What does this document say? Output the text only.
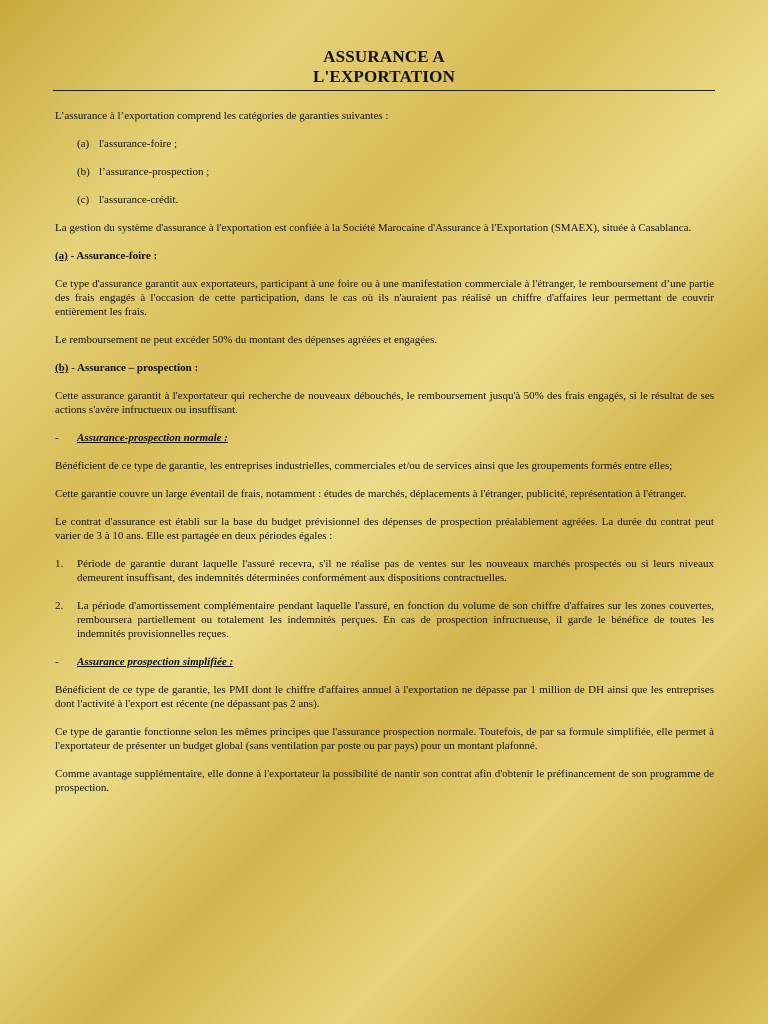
ASSURANCE A
L'EXPORTATION

L’assurance à l’exportation comprend les catégories de garanties suivantes :

(a) l'assurance-foire ;
(b) l’assurance-prospection ;
(c) l'assurance-crédit.

La gestion du système d'assurance à l'exportation est confiée à la Société Marocaine d'Assurance à l'Exportation (SMAEX), située à Casablanca.

(a) - Assurance-foire :

Ce type d'assurance garantit aux exportateurs, participant à une foire ou à une manifestation commerciale à l'étranger, le remboursement d’une partie des frais engagés à l'occasion de cette participation, dans le cas où ils n'auraient pas réalisé un chiffre d'affaires leur permettant de couvrir entièrement les frais.

Le remboursement ne peut excéder 50% du montant des dépenses agréées et engagées.

(b) - Assurance – prospection :

Cette assurance garantit à l'exportateur qui recherche de nouveaux débouchés, le remboursement jusqu'à 50% des frais engagés, si le résultat de ses actions s'avère infructueux ou insuffisant.

-	Assurance-prospection normale :

Bénéficient de ce type de garantie, les entreprises industrielles, commerciales et/ou de services ainsi que les groupements formés entre elles;

Cette garantie couvre un large éventail de frais, notamment : études de marchés, déplacements à l'étranger, publicité, représentation à l'étranger.

Le contrat d'assurance est établi sur la base du budget prévisionnel des dépenses de prospection préalablement agréées. La durée du contrat peut varier de 3 à 10 ans. Elle est partagée en deux périodes égales :

1.	Période de garantie durant laquelle l'assuré recevra, s'il ne réalise pas de ventes sur les nouveaux marchés prospectés ou si leurs niveaux demeurent insuffisant, des indemnités déterminées conformément aux dispositions contractuelles.
2.	La période d'amortissement complémentaire pendant laquelle l'assuré, en fonction du volume de son chiffre d'affaires sur les zones couvertes, remboursera partiellement ou totalement les indemnités perçues. En cas de prospection infructueuse, il garde le bénéfice de toutes les indemnités provisionnelles reçues.
-	Assurance prospection simplifiée :

Bénéficient de ce type de garantie, les PMI dont le chiffre d'affaires annuel à l'exportation ne dépasse par 1 million de DH ainsi que les entreprises dont l'activité à l'export est récente (ne dépassant pas 2 ans).

Ce type de garantie fonctionne selon les mêmes principes que l'assurance prospection normale. Toutefois, de par sa formule simplifiée, elle permet à l'exportateur de présenter un budget global (sans ventilation par poste ou par pays) pour un montant plafonné.

Comme avantage supplémentaire, elle donne à l'exportateur la possibilité de nantir son contrat afin d'obtenir le préfinancement de son programme de prospection.
